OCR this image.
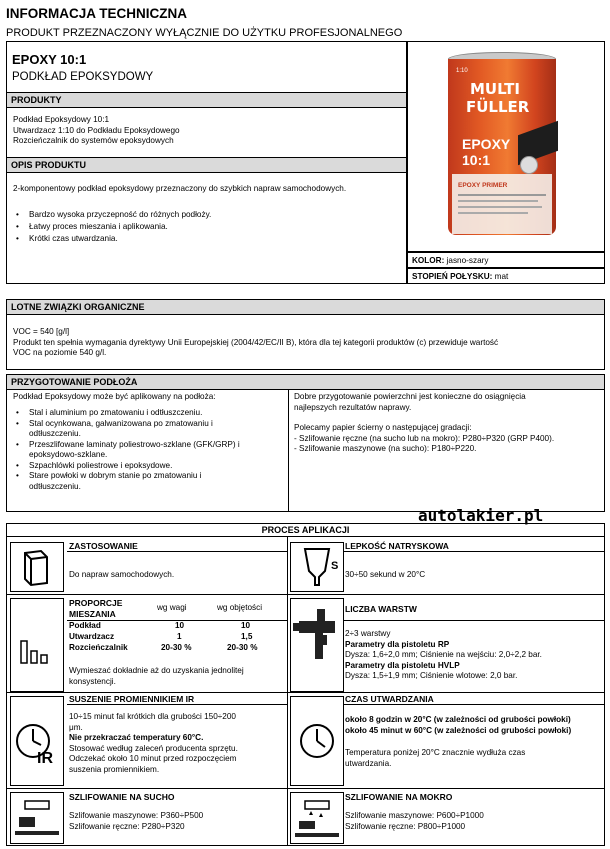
INFORMACJA TECHNICZNA
PRODUKT PRZEZNACZONY WYŁĄCZNIE DO UŻYTKU PROFESJONALNEGO
EPOXY 10:1
PODKŁAD EPOKSYDOWY
PRODUKTY
Podkład Epoksydowy 10:1
Utwardzacz 1:10 do Podkładu Epoksydowego
Rozcieńczalnik do systemów epoksydowych
OPIS PRODUKTU
2-komponentowy podkład epoksydowy przeznaczony do szybkich napraw samochodowych.
• Bardzo wysoka przyczepność do różnych podłoży.
• Łatwy proces mieszania i aplikowania.
• Krótki czas utwardzania.
1:10
MULTI
FÜLLER
EPOXY
10:1
EPOXY PRIMER
KOLOR: jasno-szary
STOPIEŃ POŁYSKU: mat
LOTNE ZWIĄZKI ORGANICZNE
VOC = 540 [g/l]
Produkt ten spełnia wymagania dyrektywy Unii Europejskiej (2004/42/EC/II B), która dla tej kategorii produktów (c) przewiduje wartość
VOC na poziomie 540 g/l.
PRZYGOTOWANIE PODŁOŻA
Podkład Epoksydowy może być aplikowany na podłoża:
• Stal i aluminium po zmatowaniu i odtłuszczeniu.
• Stal ocynkowana, galwanizowana po zmatowaniu i
odtłuszczeniu.
• Przeszlifowane laminaty poliestrowo-szklane (GFK/GRP) i
epoksydowo-szklane.
• Szpachlówki poliestrowe i epoksydowe.
• Stare powłoki w dobrym stanie po zmatowaniu i
odtłuszczeniu.
Dobre przygotowanie powierzchni jest konieczne do osiągnięcia
najlepszych rezultatów naprawy.
Polecamy papier ścierny o następującej gradacji:
- Szlifowanie ręczne (na sucho lub na mokro): P280÷P320 (GRP P400).
- Szlifowanie maszynowe (na sucho): P180÷P220.
autolakier.pl
PROCES APLIKACJI
ZASTOSOWANIE
Do napraw samochodowych.
S
LEPKOŚĆ NATRYSKOWA
30÷50 sekund w 20°C
PROPORCJE
MIESZANIA
wg wagi	wg objętości
Podkład	10	10
Utwardzacz	1	1,5
Rozcieńczalnik	20-30 %	20-30 %
Wymieszać dokładnie aż do uzyskania jednolitej
konsystencji.
LICZBA WARSTW
2÷3 warstwy
Parametry dla pistoletu RP
Dysza: 1,6÷2,0 mm; Ciśnienie na wejściu: 2,0÷2,2 bar.
Parametry dla pistoletu HVLP
Dysza: 1,5÷1,9 mm; Ciśnienie wlotowe: 2,0 bar.
IR
SUSZENIE PROMIENNIKIEM IR
10÷15 minut fal krótkich dla grubości 150÷200
μm.
Nie przekraczać temperatury 60°C.
Stosować według zaleceń producenta sprzętu.
Odczekać około 10 minut przed rozpoczęciem
suszenia promiennikiem.
CZAS UTWARDZANIA
około 8 godzin w 20°C (w zależności od grubości powłoki)
około 45 minut w 60°C (w zależności od grubości powłoki)
Temperatura poniżej 20°C znacznie wydłuża czas
utwardzania.
SZLIFOWANIE NA SUCHO
Szlifowanie maszynowe: P360÷P500
Szlifowanie ręczne: P280÷P320
SZLIFOWANIE NA MOKRO
Szlifowanie maszynowe: P600÷P1000
Szlifowanie ręczne: P800÷P1000
